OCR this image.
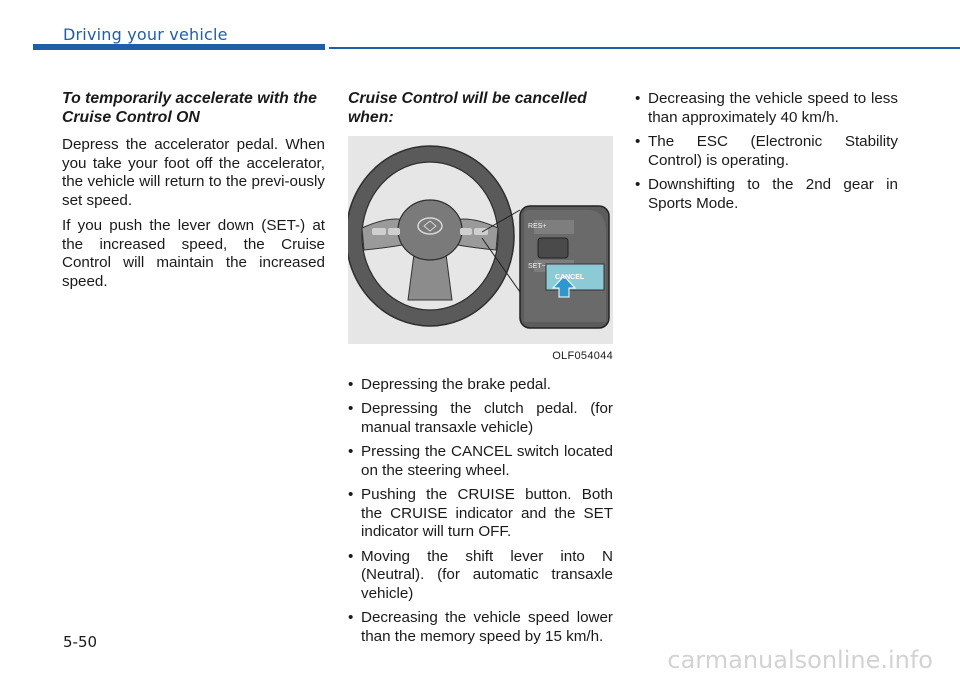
Driving your vehicle
To temporarily accelerate with the Cruise Control ON

Depress the accelerator pedal. When you take your foot off the accelerator, the vehicle will return to the previ-ously set speed.

If you push the lever down (SET-) at the increased speed, the Cruise Control will maintain the increased speed.

Cruise Control will be cancelled when:
RES+
SET−
CANCEL
OLF054044
• Depressing the brake pedal.
• Depressing the clutch pedal. (for manual transaxle vehicle)
• Pressing the CANCEL switch located on the steering wheel.
• Pushing the CRUISE button. Both the CRUISE indicator and the SET indicator will turn OFF.
• Moving the shift lever into N (Neutral). (for automatic transaxle vehicle)
• Decreasing the vehicle speed lower than the memory speed by 15 km/h.
• Decreasing the vehicle speed to less than approximately 40 km/h.
• The ESC (Electronic Stability Control) is operating.
• Downshifting to the 2nd gear in Sports Mode.
5-50
carmanualsonline.info
